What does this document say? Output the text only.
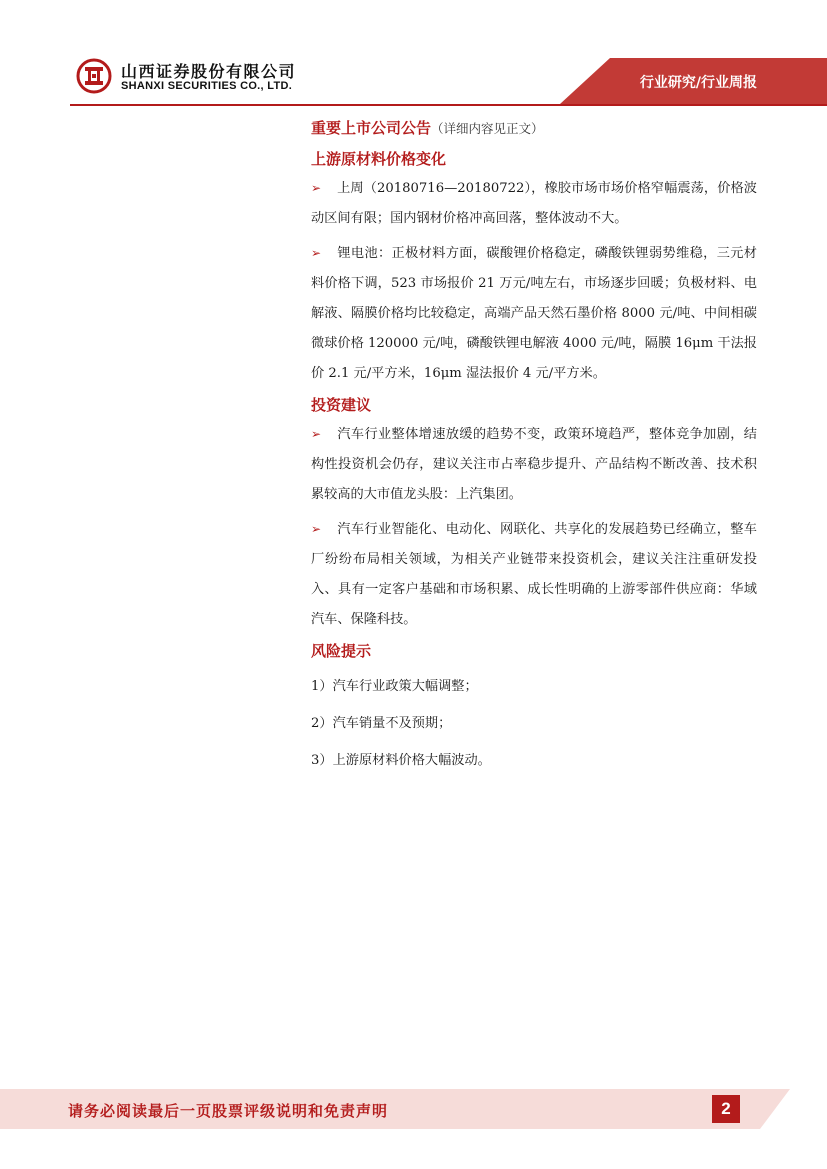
山西证券股份有限公司
SHANXI SECURITIES CO., LTD.	行业研究/行业周报

重要上市公司公告（详细内容见正文）

上游原材料价格变化

➢ 上周（20180716—20180722），橡胶市场市场价格窄幅震荡，价格波动区间有限；国内钢材价格冲高回落，整体波动不大。

➢ 锂电池：正极材料方面，碳酸锂价格稳定，磷酸铁锂弱势维稳，三元材料价格下调，523 市场报价 21 万元/吨左右，市场逐步回暖；负极材料、电解液、隔膜价格均比较稳定，高端产品天然石墨价格 8000 元/吨、中间相碳微球价格 120000 元/吨，磷酸铁锂电解液 4000 元/吨，隔膜 16μm 干法报价 2.1 元/平方米，16μm 湿法报价 4 元/平方米。

投资建议

➢ 汽车行业整体增速放缓的趋势不变，政策环境趋严，整体竞争加剧，结构性投资机会仍存，建议关注市占率稳步提升、产品结构不断改善、技术积累较高的大市值龙头股：上汽集团。

➢ 汽车行业智能化、电动化、网联化、共享化的发展趋势已经确立，整车厂纷纷布局相关领域，为相关产业链带来投资机会，建议关注注重研发投入、具有一定客户基础和市场积累、成长性明确的上游零部件供应商：华域汽车、保隆科技。

风险提示

1）汽车行业政策大幅调整；

2）汽车销量不及预期；

3）上游原材料价格大幅波动。

请务必阅读最后一页股票评级说明和免责声明	2
